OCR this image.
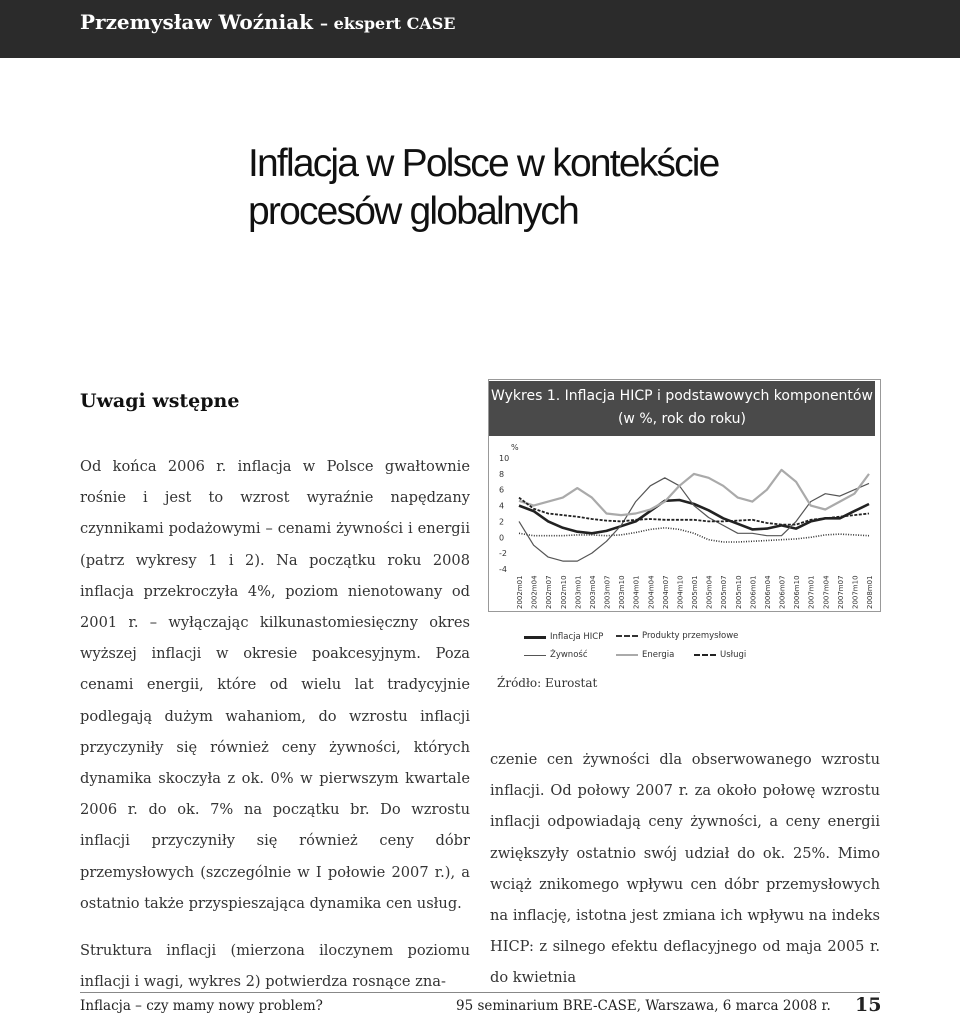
Przemysław Woźniak – ekspert CASE
Inflacja w Polsce w kontekście
procesów globalnych
Uwagi wstępne

Od końca 2006 r. inflacja w Polsce gwałtownie rośnie i jest to wzrost wyraźnie napędzany czynnikami podażowymi – cenami żywności i energii (patrz wykresy 1 i 2). Na początku roku 2008 inflacja przekroczyła 4%, poziom nienotowany od 2001 r. – wyłączając kilkunastomiesięczny okres wyższej inflacji w okresie poakcesyjnym. Poza cenami energii, które od wielu lat tradycyjnie podlegają dużym wahaniom, do wzrostu inflacji przyczyniły się również ceny żywności, których dynamika skoczyła z ok. 0% w pierwszym kwartale 2006 r. do ok. 7% na początku br. Do wzrostu inflacji przyczyniły się również ceny dóbr przemysłowych (szczególnie w I połowie 2007 r.), a ostatnio także przyspieszająca dynamika cen usług.

Struktura inflacji (mierzona iloczynem poziomu inflacji i wagi, wykres 2) potwierdza rosnące zna-

Wykres 1. Inflacja HICP i podstawowych komponentów
(w %, rok do roku)
%
10
8
6
4
2
0
-2
-4
2002m01 2002m04 2002m07 2002m10 2003m01 2003m04 2003m07 2003m10 2004m01 2004m04 2004m07 2004m10 2005m01 2005m04 2005m07 2005m10 2006m01 2006m04 2006m07 2006m10 2007m01 2007m04 2007m07 2007m10 2008m01
Inflacja HICP	Produkty przemysłowe
Żywność	Energia	Usługi
Źródło: Eurostat

czenie cen żywności dla obserwowanego wzrostu inflacji. Od połowy 2007 r. za około połowę wzrostu inflacji odpowiadają ceny żywności, a ceny energii zwiększyły ostatnio swój udział do ok. 25%. Mimo wciąż znikomego wpływu cen dóbr przemysłowych na inflację, istotna jest zmiana ich wpływu na indeks HICP: z silnego efektu deflacyjnego od maja 2005 r. do kwietnia

Inflacja – czy mamy nowy problem?	95 seminarium BRE-CASE, Warszawa, 6 marca 2008 r. 15
